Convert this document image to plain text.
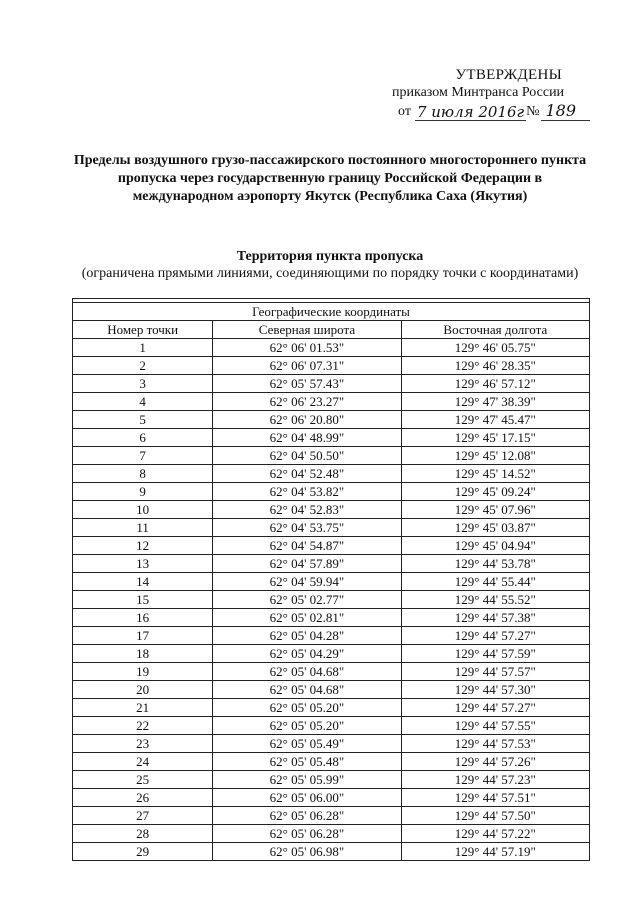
УТВЕРЖДЕНЫ
приказом Минтранса России
от 7 июля 2016г № 189
Пределы воздушного грузо-пассажирского постоянного многостороннего пункта пропуска через государственную границу Российской Федерации в международном аэропорту Якутск (Республика Саха (Якутия)
Территория пункта пропуска
(ограничена прямыми линиями, соединяющими по порядку точки с координатами)

Географические координаты		
Номер точки	Северная широта	Восточная долгота
1	62° 06' 01.53"	129° 46' 05.75"
2	62° 06' 07.31"	129° 46' 28.35"
3	62° 05' 57.43"	129° 46' 57.12"
4	62° 06' 23.27"	129° 47' 38.39"
5	62° 06' 20.80"	129° 47' 45.47"
6	62° 04' 48.99"	129° 45' 17.15"
7	62° 04' 50.50"	129° 45' 12.08"
8	62° 04' 52.48"	129° 45' 14.52"
9	62° 04' 53.82"	129° 45' 09.24"
10	62° 04' 52.83"	129° 45' 07.96"
11	62° 04' 53.75"	129° 45' 03.87"
12	62° 04' 54.87"	129° 45' 04.94"
13	62° 04' 57.89"	129° 44' 53.78"
14	62° 04' 59.94"	129° 44' 55.44"
15	62° 05' 02.77"	129° 44' 55.52"
16	62° 05' 02.81"	129° 44' 57.38"
17	62° 05' 04.28"	129° 44' 57.27"
18	62° 05' 04.29"	129° 44' 57.59"
19	62° 05' 04.68"	129° 44' 57.57"
20	62° 05' 04.68"	129° 44' 57.30"
21	62° 05' 05.20"	129° 44' 57.27"
22	62° 05' 05.20"	129° 44' 57.55"
23	62° 05' 05.49"	129° 44' 57.53"
24	62° 05' 05.48"	129° 44' 57.26"
25	62° 05' 05.99"	129° 44' 57.23"
26	62° 05' 06.00"	129° 44' 57.51"
27	62° 05' 06.28"	129° 44' 57.50"
28	62° 05' 06.28"	129° 44' 57.22"
29	62° 05' 06.98"	129° 44' 57.19"
